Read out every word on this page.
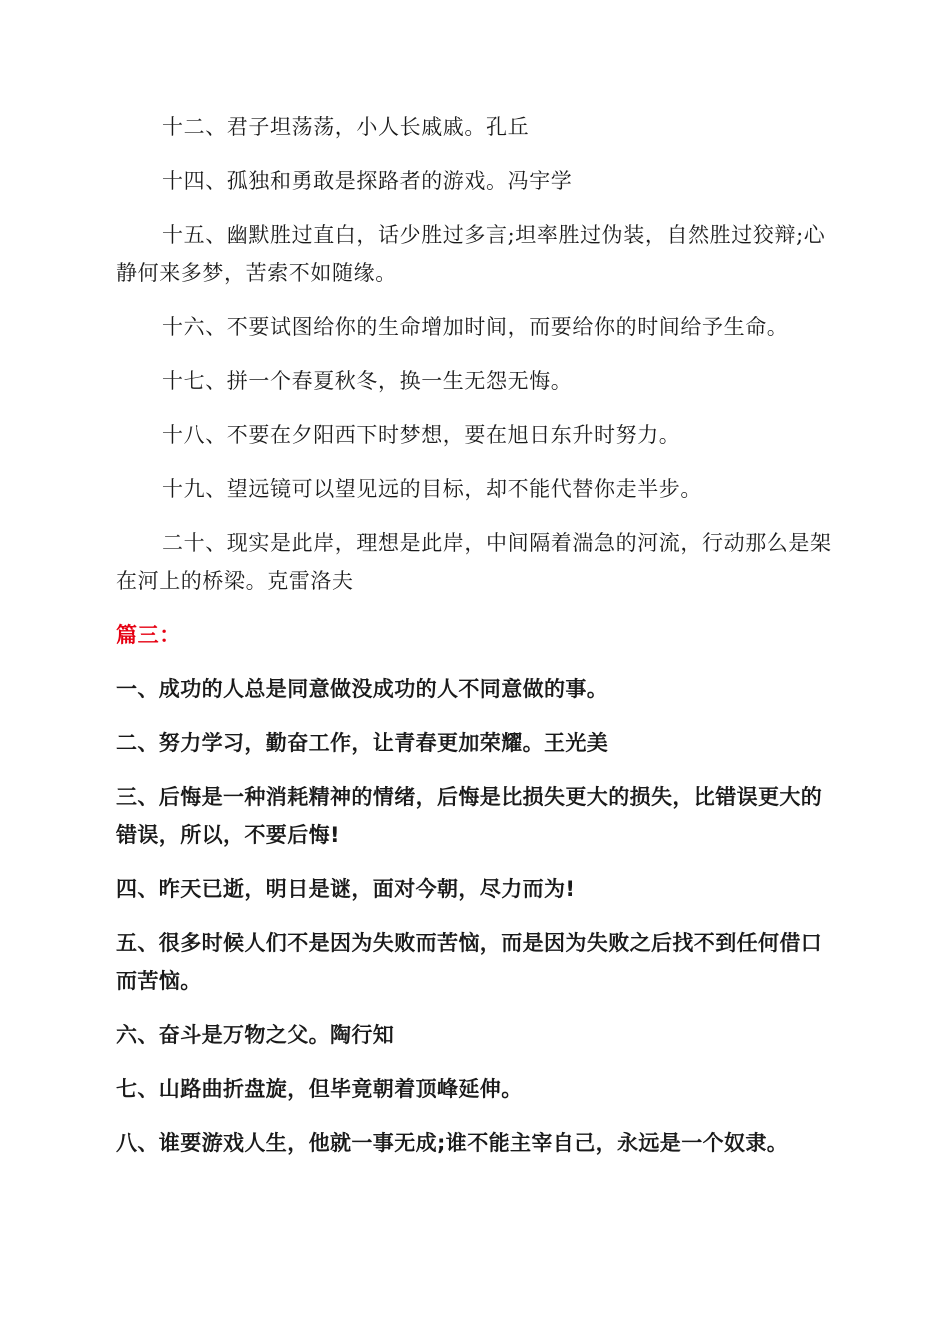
十二、君子坦荡荡，小人长戚戚。孔丘

十四、孤独和勇敢是探路者的游戏。冯宇学

十五、幽默胜过直白，话少胜过多言;坦率胜过伪装，自然胜过狡辩;心静何来多梦，苦索不如随缘。

十六、不要试图给你的生命增加时间，而要给你的时间给予生命。

十七、拼一个春夏秋冬，换一生无怨无悔。

十八、不要在夕阳西下时梦想，要在旭日东升时努力。

十九、望远镜可以望见远的目标，却不能代替你走半步。

二十、现实是此岸，理想是此岸，中间隔着湍急的河流，行动那么是架在河上的桥梁。克雷洛夫

篇三：

一、成功的人总是同意做没成功的人不同意做的事。

二、努力学习，勤奋工作，让青春更加荣耀。王光美

三、后悔是一种消耗精神的情绪，后悔是比损失更大的损失，比错误更大的错误，所以，不要后悔!

四、昨天已逝，明日是谜，面对今朝，尽力而为!

五、很多时候人们不是因为失败而苦恼，而是因为失败之后找不到任何借口而苦恼。

六、奋斗是万物之父。陶行知

七、山路曲折盘旋，但毕竟朝着顶峰延伸。

八、谁要游戏人生，他就一事无成;谁不能主宰自己，永远是一个奴隶。
